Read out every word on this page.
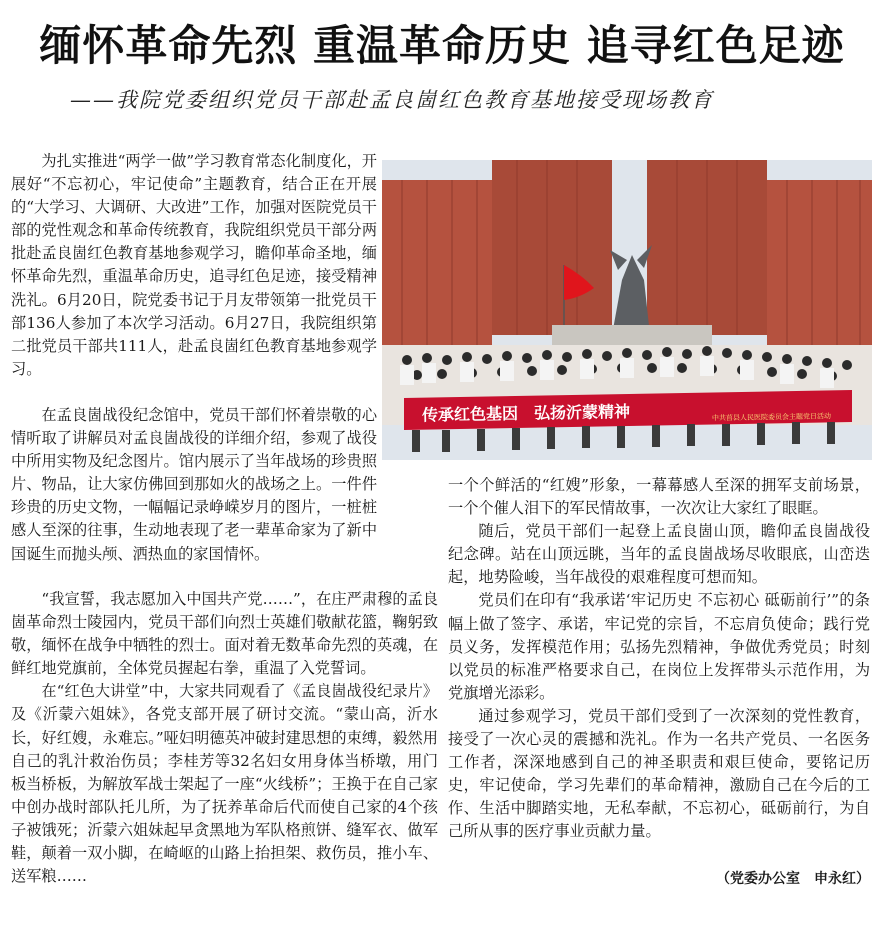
缅怀革命先烈 重温革命历史 追寻红色足迹
——我院党委组织党员干部赴孟良崮红色教育基地接受现场教育

为扎实推进“两学一做”学习教育常态化制度化，开展好“不忘初心，牢记使命”主题教育，结合正在开展的“大学习、大调研、大改进”工作，加强对医院党员干部的党性观念和革命传统教育，我院组织党员干部分两批赴孟良崮红色教育基地参观学习，瞻仰革命圣地，缅怀革命先烈，重温革命历史，追寻红色足迹，接受精神洗礼。6月20日，院党委书记于月友带领第一批党员干部136人参加了本次学习活动。6月27日，我院组织第二批党员干部共111人，赴孟良崮红色教育基地参观学习。

在孟良崮战役纪念馆中，党员干部们怀着崇敬的心情听取了讲解员对孟良崮战役的详细介绍，参观了战役中所用实物及纪念图片。馆内展示了当年战场的珍贵照片、物品，让大家仿佛回到那如火的战场之上。一件件珍贵的历史文物，一幅幅记录峥嵘岁月的图片，一桩桩感人至深的往事，生动地表现了老一辈革命家为了新中国诞生而抛头颅、洒热血的家国情怀。

“我宣誓，我志愿加入中国共产党……”，在庄严肃穆的孟良崮革命烈士陵园内，党员干部们向烈士英雄们敬献花篮，鞠躬致敬，缅怀在战争中牺牲的烈士。面对着无数革命先烈的英魂，在鲜红地党旗前，全体党员握起右拳，重温了入党誓词。

在“红色大讲堂”中，大家共同观看了《孟良崮战役纪录片》及《沂蒙六姐妹》，各党支部开展了研讨交流。“蒙山高，沂水长，好红嫂，永难忘。”哑妇明德英冲破封建思想的束缚，毅然用自己的乳汁救治伤员；李桂芳等32名妇女用身体当桥墩，用门板当桥板，为解放军战士架起了一座“火线桥”；王换于在自己家中创办战时部队托儿所，为了抚养革命后代而使自己家的4个孩子被饿死；沂蒙六姐妹起早贪黑地为军队格煎饼、缝军衣、做军鞋，颠着一双小脚，在崎岖的山路上抬担架、救伤员，推小车、送军粮……

传承红色基因　弘扬沂蒙精神	中共莒县人民医院委员会主题党日活动

一个个鲜活的“红嫂”形象，一幕幕感人至深的拥军支前场景，一个个催人泪下的军民情故事，一次次让大家红了眼眶。

随后，党员干部们一起登上孟良崮山顶，瞻仰孟良崮战役纪念碑。站在山顶远眺，当年的孟良崮战场尽收眼底，山峦迭起，地势险峻，当年战役的艰难程度可想而知。

党员们在印有“我承诺‘牢记历史 不忘初心 砥砺前行’”的条幅上做了签字、承诺，牢记党的宗旨，不忘肩负使命；践行党员义务，发挥模范作用；弘扬先烈精神，争做优秀党员；时刻以党员的标准严格要求自己，在岗位上发挥带头示范作用，为党旗增光添彩。

通过参观学习，党员干部们受到了一次深刻的党性教育，接受了一次心灵的震撼和洗礼。作为一名共产党员、一名医务工作者，深深地感到自己的神圣职责和艰巨使命，要铭记历史，牢记使命，学习先辈们的革命精神，激励自己在今后的工作、生活中脚踏实地，无私奉献，不忘初心，砥砺前行，为自己所从事的医疗事业贡献力量。

（党委办公室　申永红）
